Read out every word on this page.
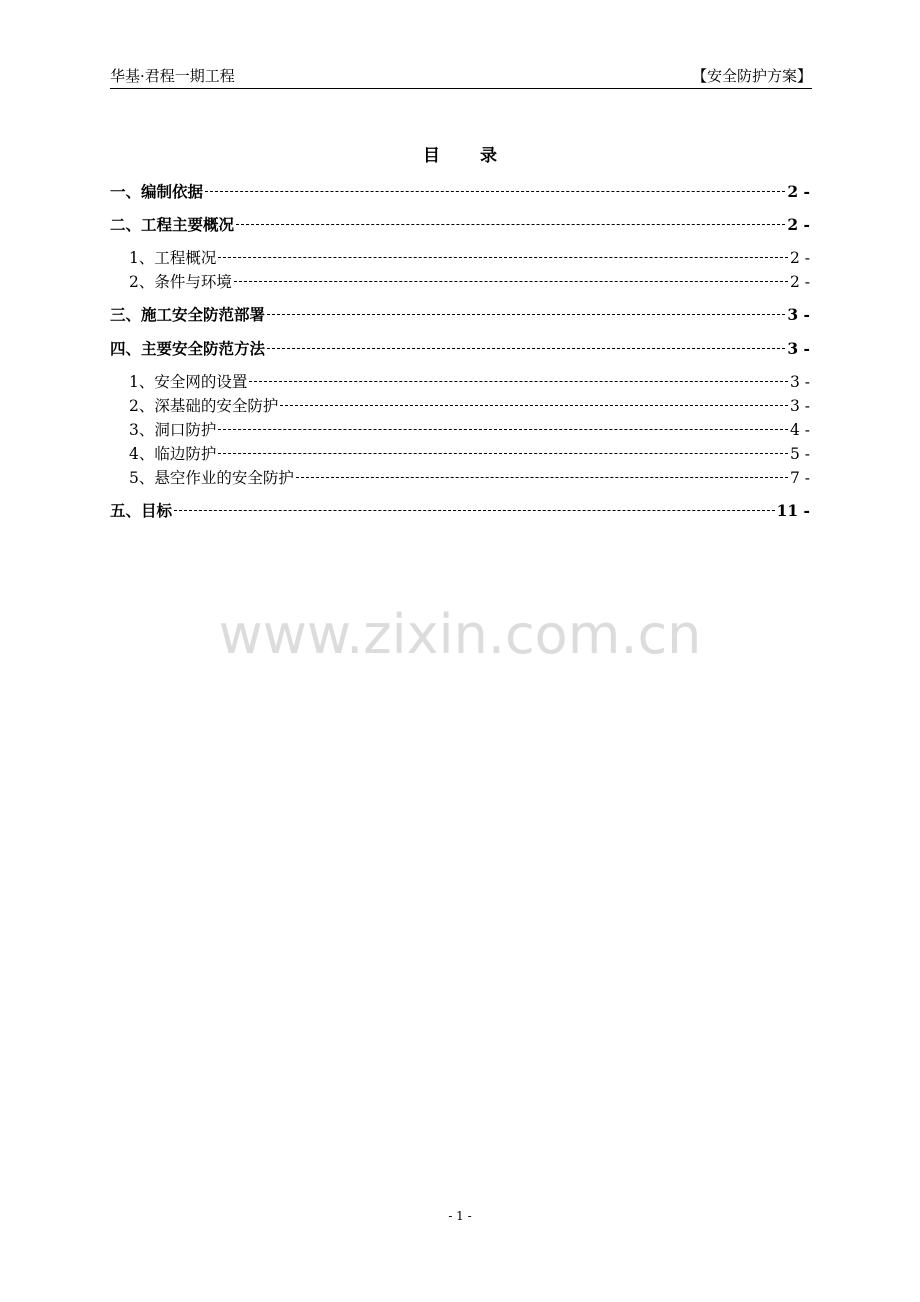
华基·君程一期工程	【安全防护方案】
目录
一、编制依据	2 -
二、工程主要概况	2 -
1、工程概况	2 -
2、条件与环境	2 -
三、施工安全防范部署	3 -
四、主要安全防范方法	3 -
1、安全网的设置	3 -
2、深基础的安全防护	3 -
3、洞口防护	4 -
4、临边防护	5 -
5、悬空作业的安全防护	7 -
五、目标	11 -
www.zixin.com.cn
- 1 -
